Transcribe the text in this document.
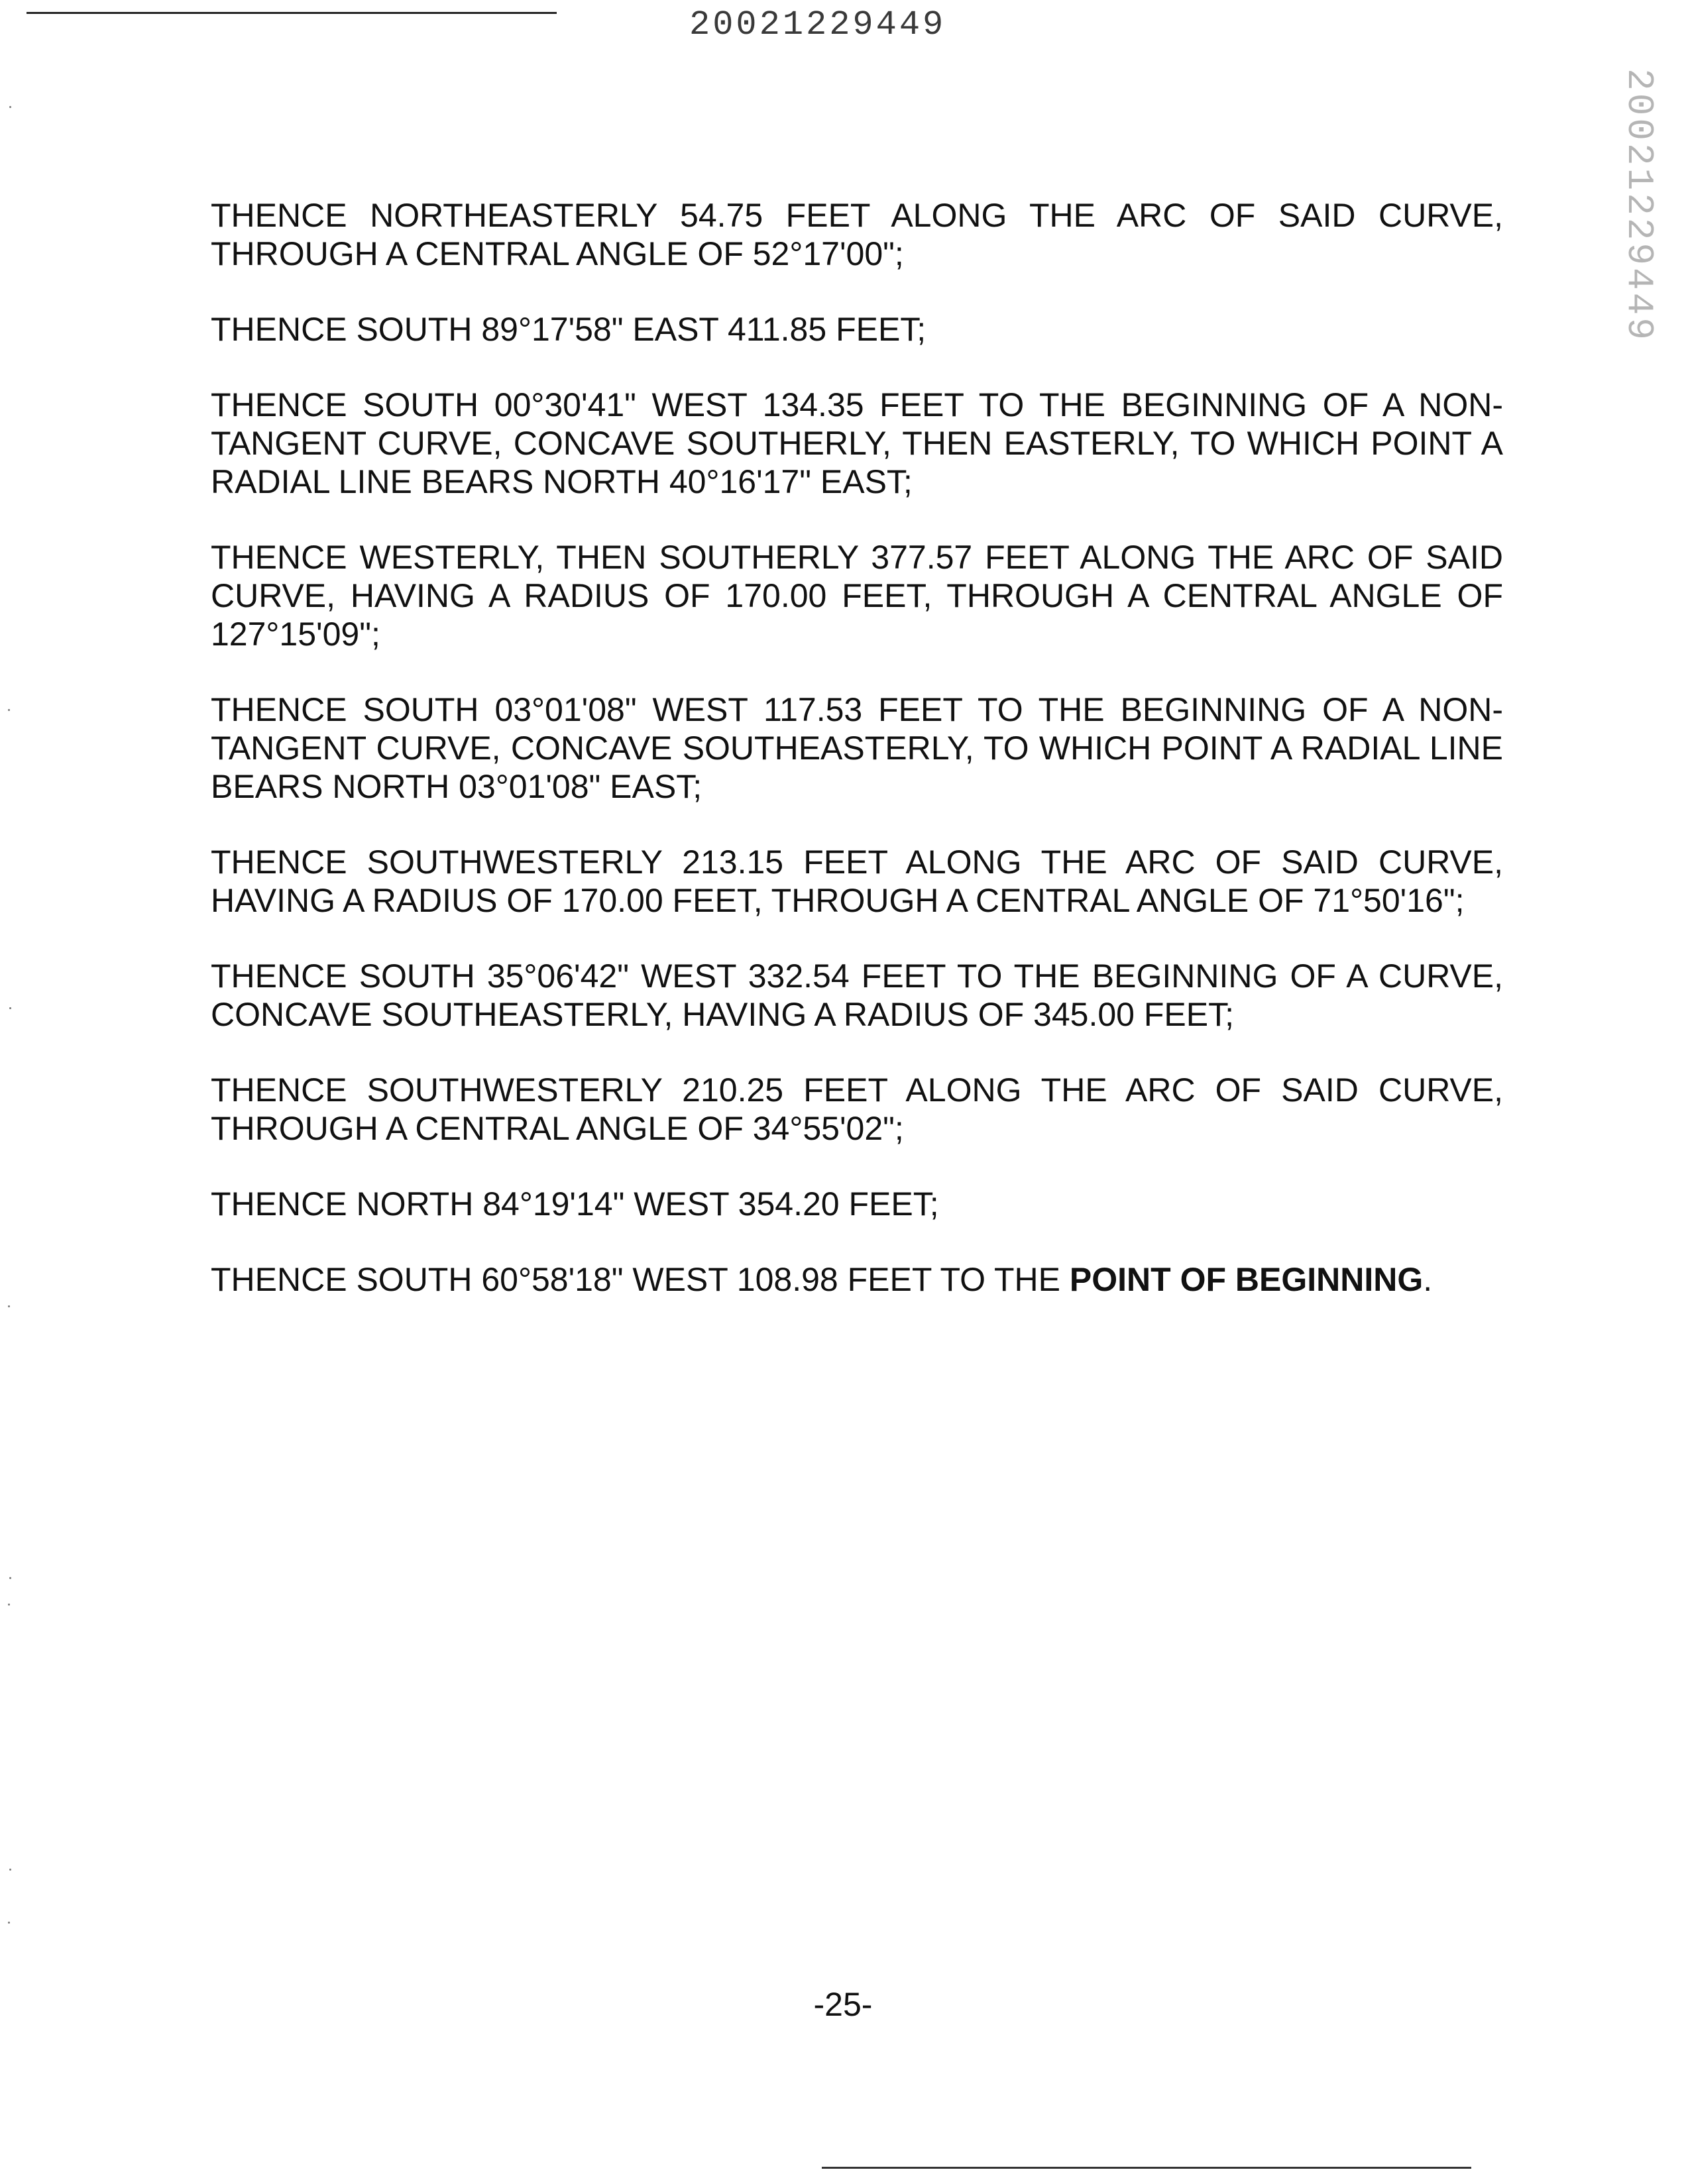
20021229449
20021229449

THENCE NORTHEASTERLY 54.75 FEET ALONG THE ARC OF SAID CURVE, THROUGH A CENTRAL ANGLE OF 52°17'00";

THENCE SOUTH 89°17'58" EAST 411.85 FEET;

THENCE SOUTH 00°30'41" WEST 134.35 FEET TO THE BEGINNING OF A NON-TANGENT CURVE, CONCAVE SOUTHERLY, THEN EASTERLY, TO WHICH POINT A RADIAL LINE BEARS NORTH 40°16'17" EAST;

THENCE WESTERLY, THEN SOUTHERLY 377.57 FEET ALONG THE ARC OF SAID CURVE, HAVING A RADIUS OF 170.00 FEET, THROUGH A CENTRAL ANGLE OF 127°15'09";

THENCE SOUTH 03°01'08" WEST 117.53 FEET TO THE BEGINNING OF A NON-TANGENT CURVE, CONCAVE SOUTHEASTERLY, TO WHICH POINT A RADIAL LINE BEARS NORTH 03°01'08" EAST;

THENCE SOUTHWESTERLY 213.15 FEET ALONG THE ARC OF SAID CURVE, HAVING A RADIUS OF 170.00 FEET, THROUGH A CENTRAL ANGLE OF 71°50'16";

THENCE SOUTH 35°06'42" WEST 332.54 FEET TO THE BEGINNING OF A CURVE, CONCAVE SOUTHEASTERLY, HAVING A RADIUS OF 345.00 FEET;

THENCE SOUTHWESTERLY 210.25 FEET ALONG THE ARC OF SAID CURVE, THROUGH A CENTRAL ANGLE OF 34°55'02";

THENCE NORTH 84°19'14" WEST 354.20 FEET;

THENCE SOUTH 60°58'18" WEST 108.98 FEET TO THE POINT OF BEGINNING.

-25-
